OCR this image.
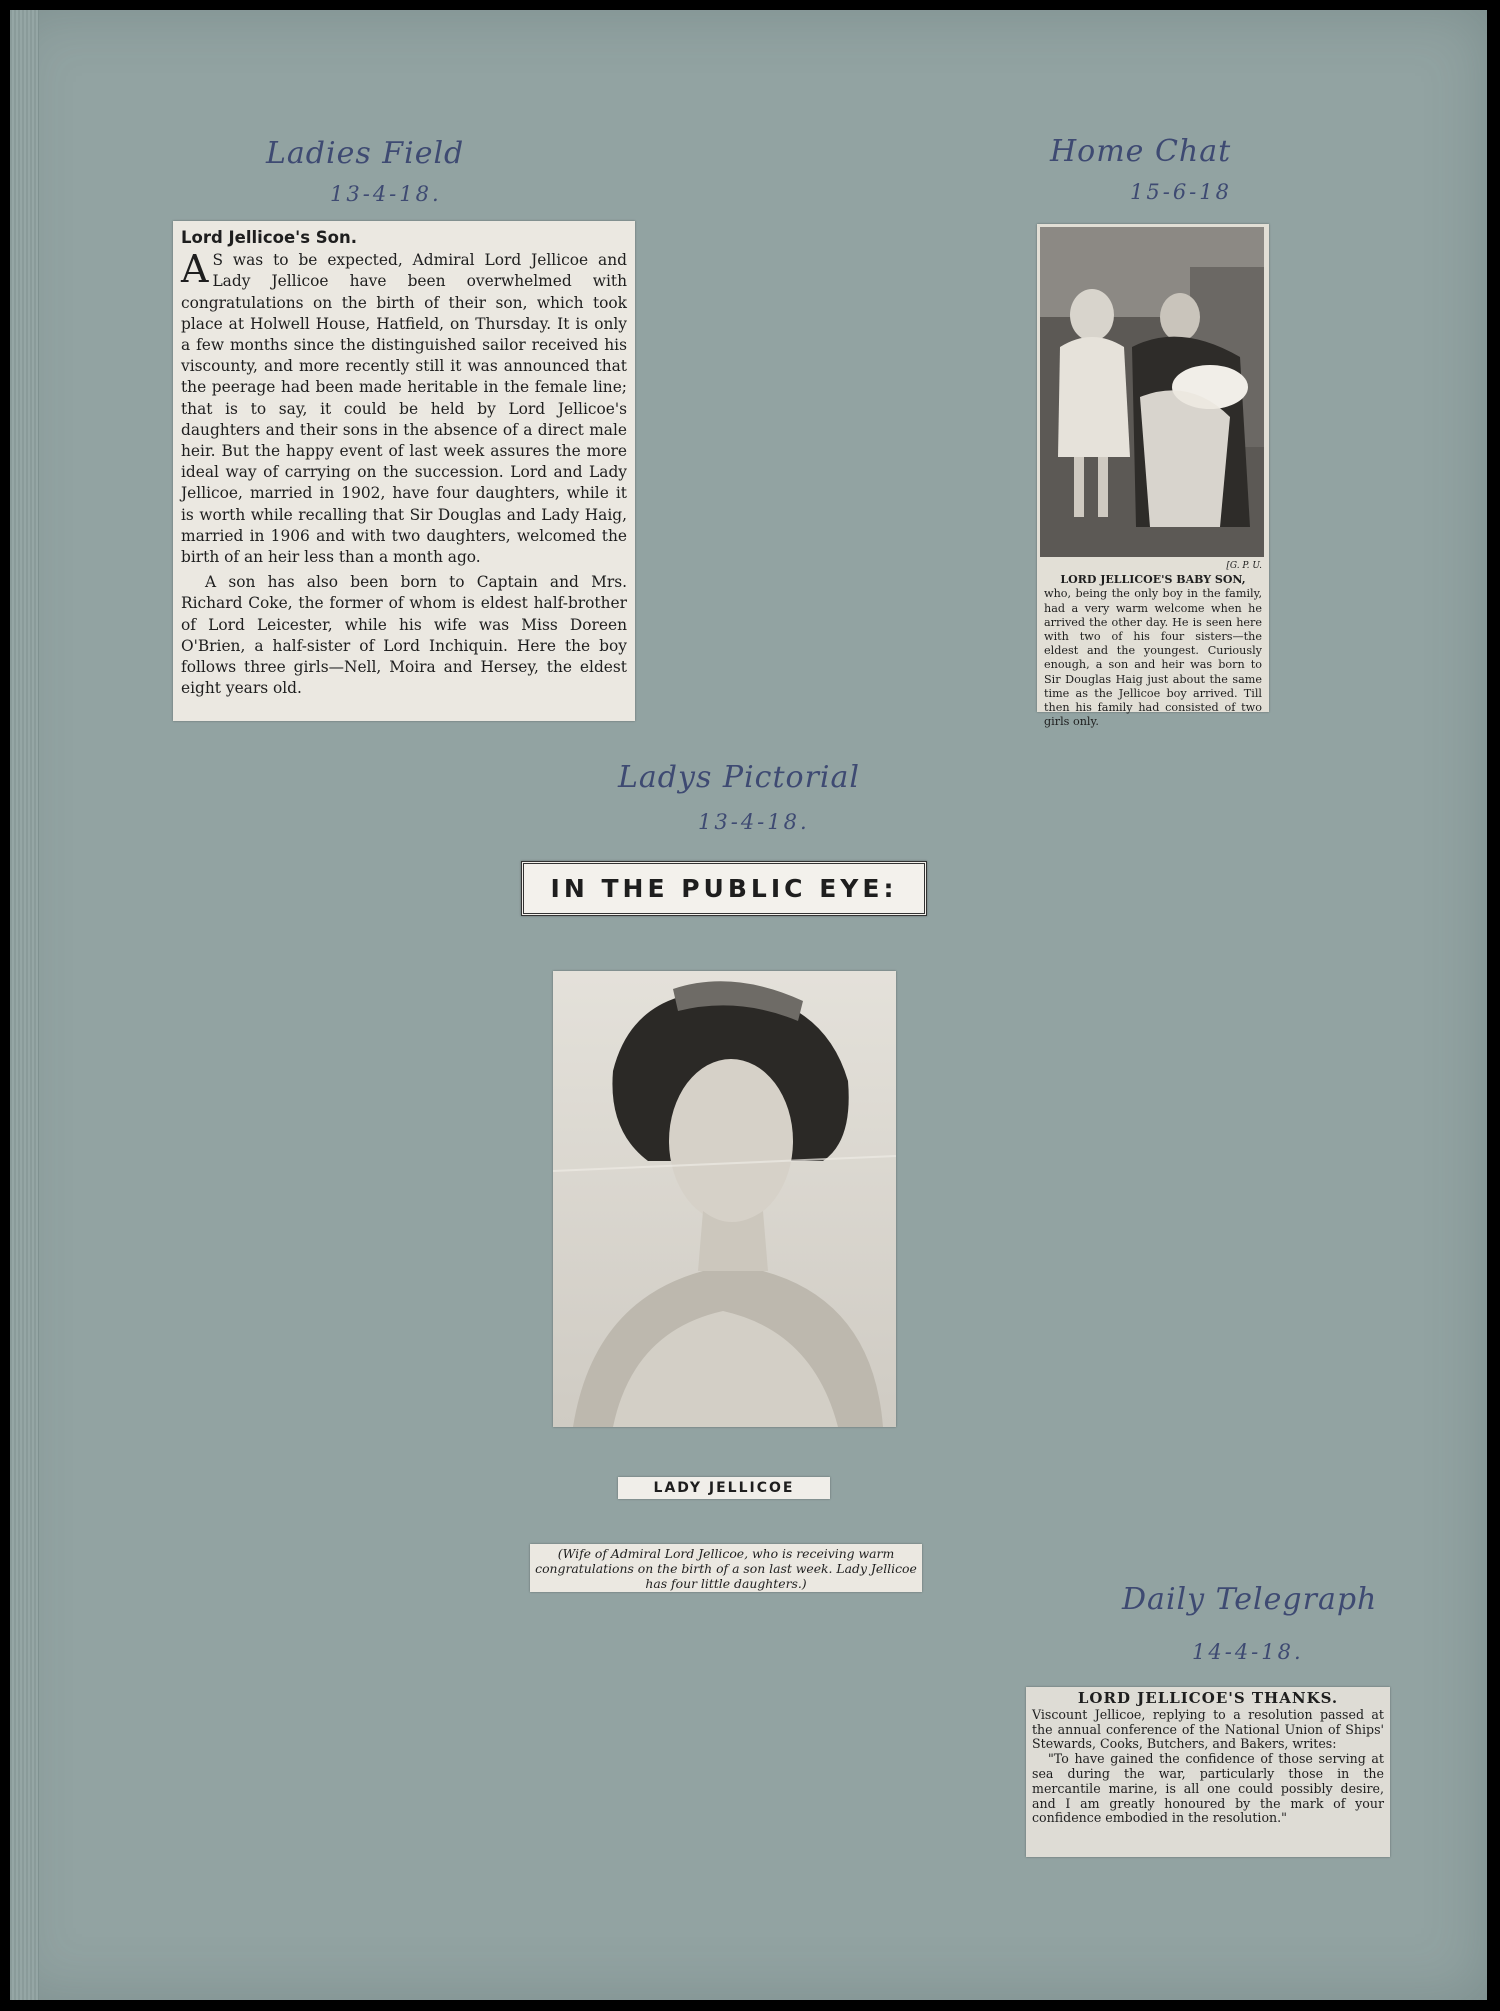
Ladies Field
13-4-18.
Home Chat
15-6-18
Ladys Pictorial
13-4-18.
Daily Telegraph
14-4-18.

Lord Jellicoe's Son.

A S was to be expected, Admiral Lord Jellicoe and Lady Jellicoe have been overwhelmed with congratulations on the birth of their son, which took place at Holwell House, Hatfield, on Thursday. It is only a few months since the distinguished sailor received his viscounty, and more recently still it was announced that the peerage had been made heritable in the female line; that is to say, it could be held by Lord Jellicoe's daughters and their sons in the absence of a direct male heir. But the happy event of last week assures the more ideal way of carrying on the succession. Lord and Lady Jellicoe, married in 1902, have four daughters, while it is worth while recalling that Sir Douglas and Lady Haig, married in 1906 and with two daughters, welcomed the birth of an heir less than a month ago.

A son has also been born to Captain and Mrs. Richard Coke, the former of whom is eldest half-brother of Lord Leicester, while his wife was Miss Doreen O'Brien, a half-sister of Lord Inchiquin. Here the boy follows three girls—Nell, Moira and Hersey, the eldest eight years old.

[G. P. U.

LORD JELLICOE'S BABY SON,

who, being the only boy in the family, had a very warm welcome when he arrived the other day. He is seen here with two of his four sisters—the eldest and the youngest. Curiously enough, a son and heir was born to Sir Douglas Haig just about the same time as the Jellicoe boy arrived. Till then his family had consisted of two girls only.

IN THE PUBLIC EYE:
LADY JELLICOE
(Wife of Admiral Lord Jellicoe, who is receiving warm congratulations on the birth of a son last week. Lady Jellicoe has four little daughters.)

LORD JELLICOE'S THANKS.

Viscount Jellicoe, replying to a resolution passed at the annual conference of the National Union of Ships' Stewards, Cooks, Butchers, and Bakers, writes:

"To have gained the confidence of those serving at sea during the war, particularly those in the mercantile marine, is all one could possibly desire, and I am greatly honoured by the mark of your confidence embodied in the resolution."
